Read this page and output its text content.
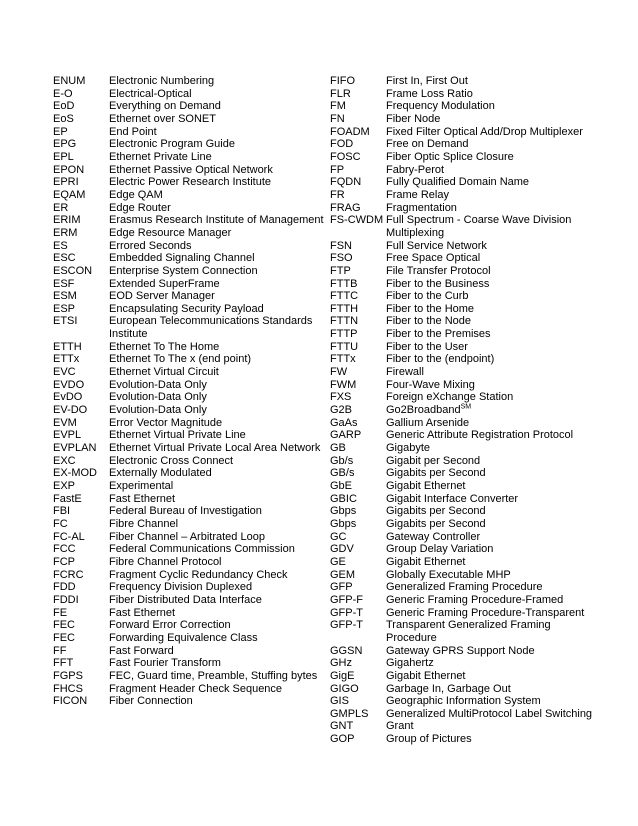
ENUM	Electronic Numbering
E-O	Electrical-Optical
EoD	Everything on Demand
EoS	Ethernet over SONET
EP	End Point
EPG	Electronic Program Guide
EPL	Ethernet Private Line
EPON	Ethernet Passive Optical Network
EPRI	Electric Power Research Institute
EQAM	Edge QAM
ER	Edge Router
ERIM	Erasmus Research Institute of Management
ERM	Edge Resource Manager
ES	Errored Seconds
ESC	Embedded Signaling Channel
ESCON	Enterprise System Connection
ESF	Extended SuperFrame
ESM	EOD Server Manager
ESP	Encapsulating Security Payload
ETSI	European Telecommunications Standards Institute
ETTH	Ethernet To The Home
ETTx	Ethernet To The x (end point)
EVC	Ethernet Virtual Circuit
EVDO	Evolution-Data Only
EvDO	Evolution-Data Only
EV-DO	Evolution-Data Only
EVM	Error Vector Magnitude
EVPL	Ethernet Virtual Private Line
EVPLAN	Ethernet Virtual Private Local Area Network
EXC	Electronic Cross Connect
EX-MOD	Externally Modulated
EXP	Experimental
FastE	Fast Ethernet
FBI	Federal Bureau of Investigation
FC	Fibre Channel
FC-AL	Fiber Channel – Arbitrated Loop
FCC	Federal Communications Commission
FCP	Fibre Channel Protocol
FCRC	Fragment Cyclic Redundancy Check
FDD	Frequency Division Duplexed
FDDI	Fiber Distributed Data Interface
FE	Fast Ethernet
FEC	Forward Error Correction
FEC	Forwarding Equivalence Class
FF	Fast Forward
FFT	Fast Fourier Transform
FGPS	FEC, Guard time, Preamble, Stuffing bytes
FHCS	Fragment Header Check Sequence
FICON	Fiber Connection
FIFO	First In, First Out
FLR	Frame Loss Ratio
FM	Frequency Modulation
FN	Fiber Node
FOADM	Fixed Filter Optical Add/Drop Multiplexer
FOD	Free on Demand
FOSC	Fiber Optic Splice Closure
FP	Fabry-Perot
FQDN	Fully Qualified Domain Name
FR	Frame Relay
FRAG	Fragmentation
FS-CWDM Full Spectrum - Coarse Wave Division
Multiplexing
FSN	Full Service Network
FSO	Free Space Optical
FTP	File Transfer Protocol
FTTB	Fiber to the Business
FTTC	Fiber to the Curb
FTTH	Fiber to the Home
FTTN	Fiber to the Node
FTTP	Fiber to the Premises
FTTU	Fiber to the User
FTTx	Fiber to the (endpoint)
FW	Firewall
FWM	Four-Wave Mixing
FXS	Foreign eXchange Station
G2B	Go2Broadband℠
GaAs	Gallium Arsenide
GARP	Generic Attribute Registration Protocol
GB	Gigabyte
Gb/s	Gigabit per Second
GB/s	Gigabits per Second
GbE	Gigabit Ethernet
GBIC	Gigabit Interface Converter
Gbps	Gigabits per Second
Gbps	Gigabits per Second
GC	Gateway Controller
GDV	Group Delay Variation
GE	Gigabit Ethernet
GEM	Globally Executable MHP
GFP	Generalized Framing Procedure
GFP-F	Generic Framing Procedure-Framed
GFP-T	Generic Framing Procedure-Transparent
GFP-T	Transparent Generalized Framing
Procedure
GGSN	Gateway GPRS Support Node
GHz	Gigahertz
GigE	Gigabit Ethernet
GIGO	Garbage In, Garbage Out
GIS	Geographic Information System
GMPLS	Generalized MultiProtocol Label Switching
GNT	Grant
GOP	Group of Pictures
